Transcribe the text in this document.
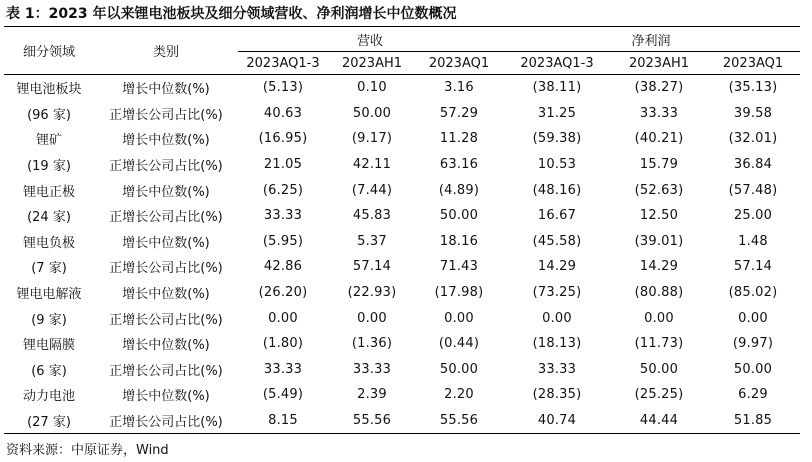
表 1：2023 年以来锂电池板块及细分领域营收、净利润增长中位数概况
细分领域	类别	营收			净利润		
		2023AQ1-3	2023AH1	2023AQ1	2023AQ1-3	2023AH1	2023AQ1
锂电池板块	增长中位数(%)	(5.13)	0.10	3.16	(38.11)	(38.27)	(35.13)
(96 家)	正增长公司占比(%)	40.63	50.00	57.29	31.25	33.33	39.58
锂矿	增长中位数(%)	(16.95)	(9.17)	11.28	(59.38)	(40.21)	(32.01)
(19 家)	正增长公司占比(%)	21.05	42.11	63.16	10.53	15.79	36.84
锂电正极	增长中位数(%)	(6.25)	(7.44)	(4.89)	(48.16)	(52.63)	(57.48)
(24 家)	正增长公司占比(%)	33.33	45.83	50.00	16.67	12.50	25.00
锂电负极	增长中位数(%)	(5.95)	5.37	18.16	(45.58)	(39.01)	1.48
(7 家)	正增长公司占比(%)	42.86	57.14	71.43	14.29	14.29	57.14
锂电电解液	增长中位数(%)	(26.20)	(22.93)	(17.98)	(73.25)	(80.88)	(85.02)
(9 家)	正增长公司占比(%)	0.00	0.00	0.00	0.00	0.00	0.00
锂电隔膜	增长中位数(%)	(1.80)	(1.36)	(0.44)	(18.13)	(11.73)	(9.97)
(6 家)	正增长公司占比(%)	33.33	33.33	50.00	33.33	50.00	50.00
动力电池	增长中位数(%)	(5.49)	2.39	2.20	(28.35)	(25.25)	6.29
(27 家)	正增长公司占比(%)	8.15	55.56	55.56	40.74	44.44	51.85
资料来源：中原证券，Wind
